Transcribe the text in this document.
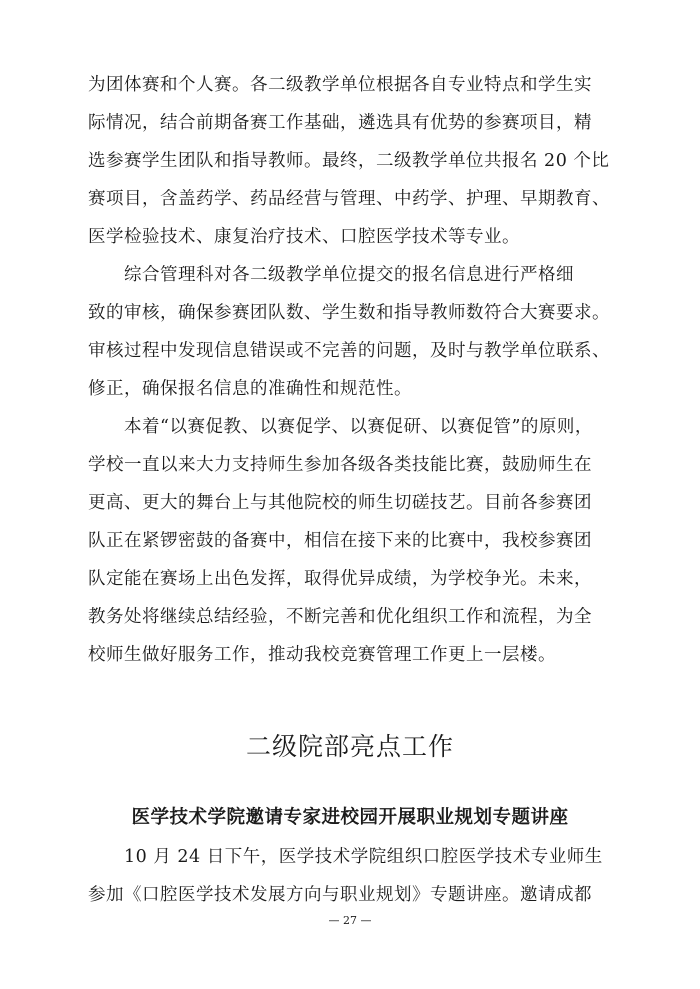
为团体赛和个人赛。各二级教学单位根据各自专业特点和学生实
际情况，结合前期备赛工作基础，遴选具有优势的参赛项目，精
选参赛学生团队和指导教师。最终，二级教学单位共报名 20 个比
赛项目，含盖药学、药品经营与管理、中药学、护理、早期教育、
医学检验技术、康复治疗技术、口腔医学技术等专业。
　　综合管理科对各二级教学单位提交的报名信息进行严格细
致的审核，确保参赛团队数、学生数和指导教师数符合大赛要求。
审核过程中发现信息错误或不完善的问题，及时与教学单位联系、
修正，确保报名信息的准确性和规范性。
　　本着“以赛促教、以赛促学、以赛促研、以赛促管”的原则，
学校一直以来大力支持师生参加各级各类技能比赛，鼓励师生在
更高、更大的舞台上与其他院校的师生切磋技艺。目前各参赛团
队正在紧锣密鼓的备赛中，相信在接下来的比赛中，我校参赛团
队定能在赛场上出色发挥，取得优异成绩，为学校争光。未来，
教务处将继续总结经验，不断完善和优化组织工作和流程，为全
校师生做好服务工作，推动我校竞赛管理工作更上一层楼。
二级院部亮点工作
医学技术学院邀请专家进校园开展职业规划专题讲座
　　10 月 24 日下午，医学技术学院组织口腔医学技术专业师生
参加《口腔医学技术发展方向与职业规划》专题讲座。邀请成都
— 27 —
